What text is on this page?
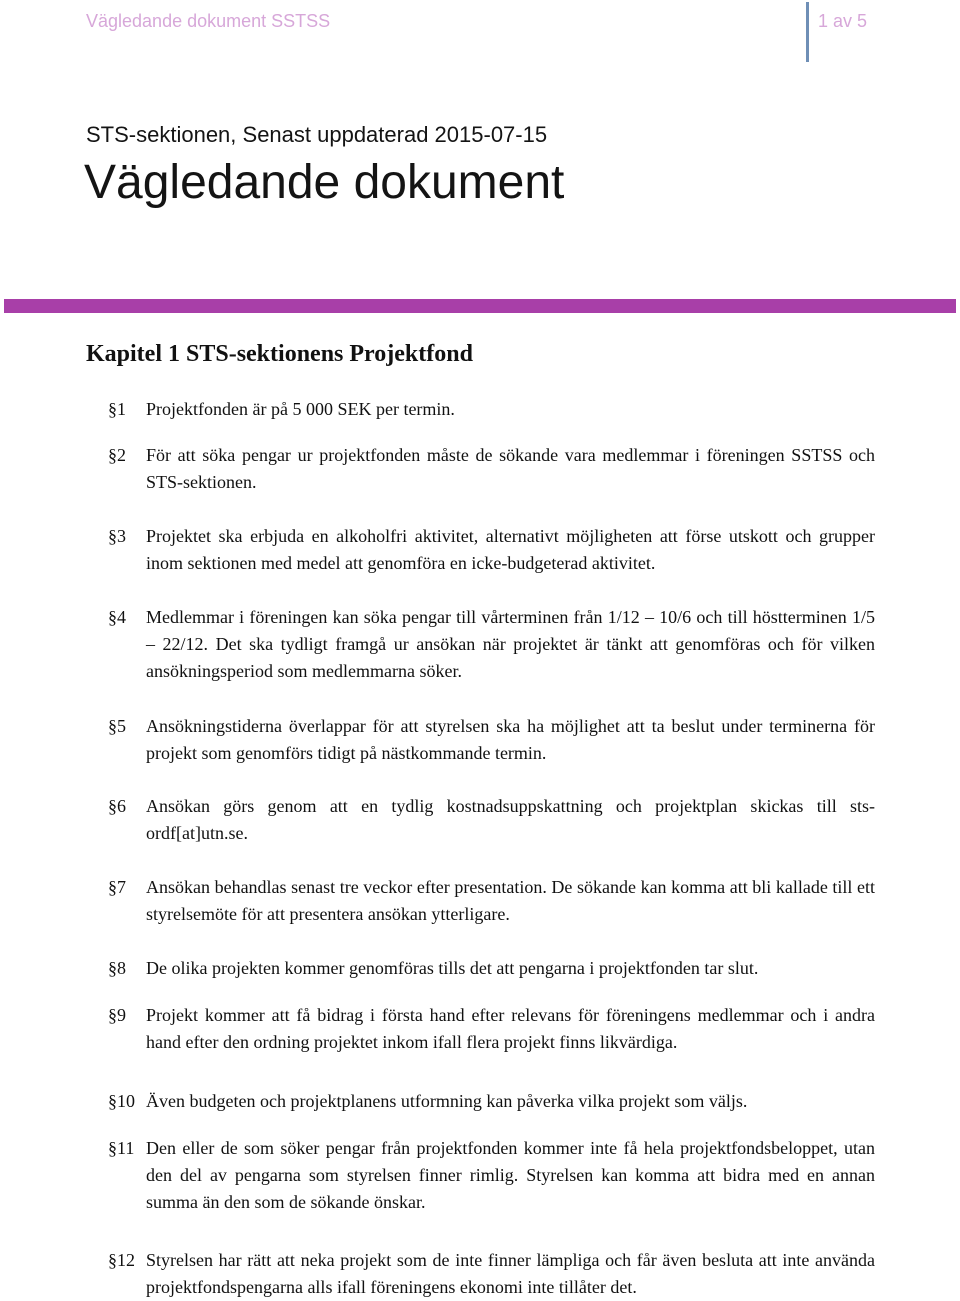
Vägledande dokument SSTSS	1 av 5
STS-sektionen, Senast uppdaterad 2015-07-15
Vägledande dokument
Kapitel 1 STS-sektionens Projektfond
§1 Projektfonden är på 5 000 SEK per termin.
§2 För att söka pengar ur projektfonden måste de sökande vara medlemmar i föreningen SSTSS och STS-sektionen.
§3 Projektet ska erbjuda en alkoholfri aktivitet, alternativt möjligheten att förse utskott och grupper inom sektionen med medel att genomföra en icke-budgeterad aktivitet.
§4 Medlemmar i föreningen kan söka pengar till vårterminen från 1/12 – 10/6 och till höstterminen 1/5 – 22/12. Det ska tydligt framgå ur ansökan när projektet är tänkt att genomföras och för vilken ansökningsperiod som medlemmarna söker.
§5 Ansökningstiderna överlappar för att styrelsen ska ha möjlighet att ta beslut under terminerna för projekt som genomförs tidigt på nästkommande termin.
§6 Ansökan görs genom att en tydlig kostnadsuppskattning och projektplan skickas till sts-ordf[at]utn.se.
§7 Ansökan behandlas senast tre veckor efter presentation. De sökande kan komma att bli kallade till ett styrelsemöte för att presentera ansökan ytterligare.
§8 De olika projekten kommer genomföras tills det att pengarna i projektfonden tar slut.
§9 Projekt kommer att få bidrag i första hand efter relevans för föreningens medlemmar och i andra hand efter den ordning projektet inkom ifall flera projekt finns likvärdiga.
§10 Även budgeten och projektplanens utformning kan påverka vilka projekt som väljs.
§11 Den eller de som söker pengar från projektfonden kommer inte få hela projektfondsbeloppet, utan den del av pengarna som styrelsen finner rimlig. Styrelsen kan komma att bidra med en annan summa än den som de sökande önskar.
§12 Styrelsen har rätt att neka projekt som de inte finner lämpliga och får även besluta att inte använda projektfondspengarna alls ifall föreningens ekonomi inte tillåter det.
